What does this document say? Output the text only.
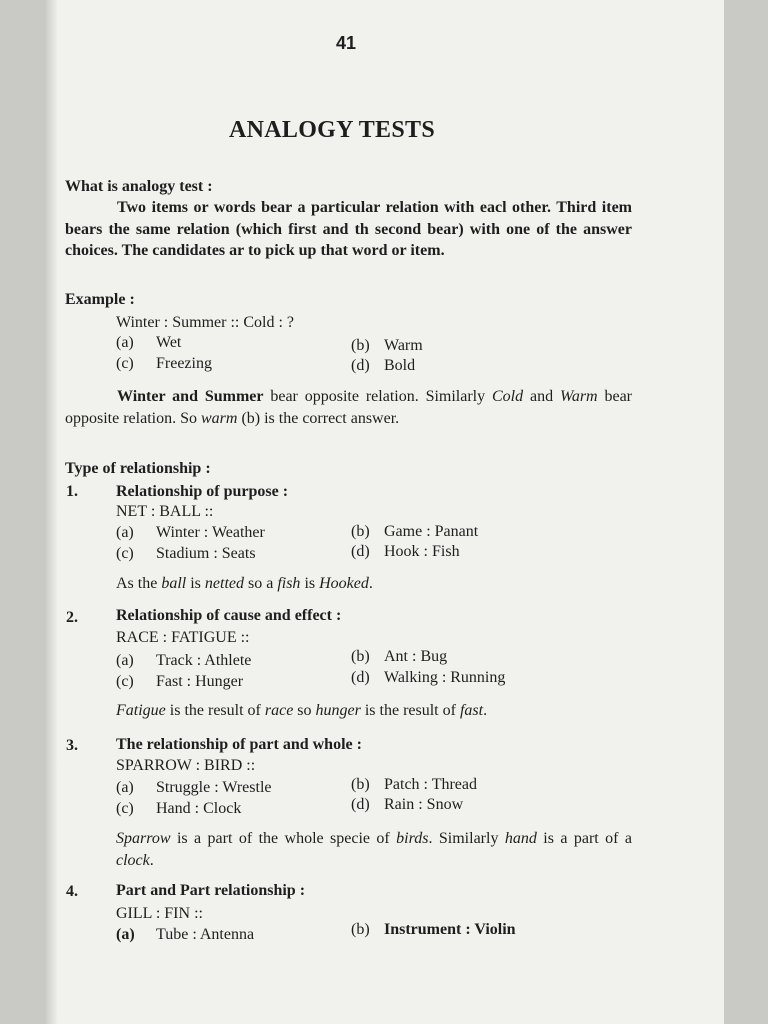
41
ANALOGY TESTS
What is analogy test :
Two items or words bear a particular relation with eacl other. Third item bears the same relation (which first and th second bear) with one of the answer choices. The candidates ar to pick up that word or item.
Example :
Winter : Summer :: Cold : ?
(a) Wet	(b) Warm
(c) Freezing	(d) Bold
Winter and Summer bear opposite relation. Similarly Cold and Warm bear opposite relation. So warm (b) is the correct answer.
Type of relationship :
1. Relationship of purpose :
NET : BALL ::
(a) Winter : Weather	(b) Game : Panant
(c) Stadium : Seats	(d) Hook : Fish
As the ball is netted so a fish is Hooked.
2. Relationship of cause and effect :
RACE : FATIGUE ::
(a) Track : Athlete	(b) Ant : Bug
(c) Fast : Hunger	(d) Walking : Running
Fatigue is the result of race so hunger is the result of fast.
3. The relationship of part and whole :
SPARROW : BIRD ::
(a) Struggle : Wrestle	(b) Patch : Thread
(c) Hand : Clock	(d) Rain : Snow
Sparrow is a part of the whole specie of birds. Similarly hand is a part of a clock.
4. Part and Part relationship :
GILL : FIN ::
(a) Tube : Antenna	(b) Instrument : Violin
